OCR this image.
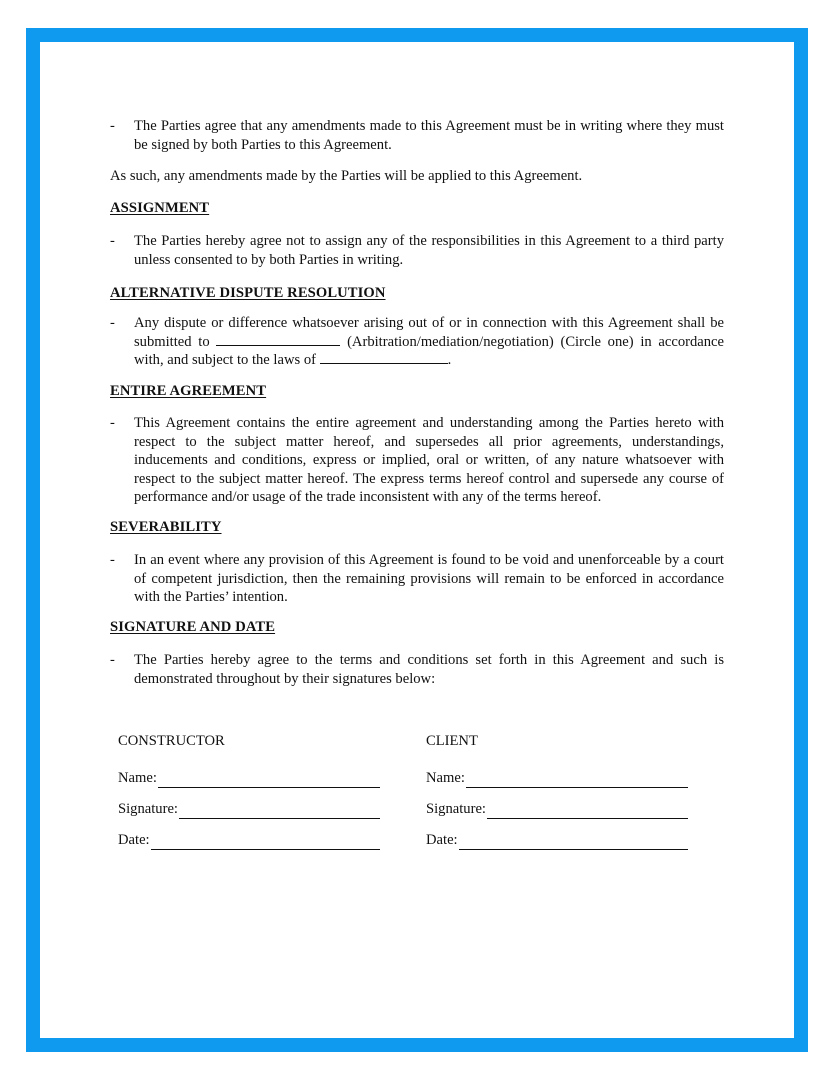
- The Parties agree that any amendments made to this Agreement must be in writing where they must be signed by both Parties to this Agreement.
As such, any amendments made by the Parties will be applied to this Agreement.
ASSIGNMENT
- The Parties hereby agree not to assign any of the responsibilities in this Agreement to a third party unless consented to by both Parties in writing.
ALTERNATIVE DISPUTE RESOLUTION
- Any dispute or difference whatsoever arising out of or in connection with this Agreement shall be submitted to	(Arbitration/mediation/negotiation) (Circle one) in accordance with, and subject to the laws of	.
ENTIRE AGREEMENT
- This Agreement contains the entire agreement and understanding among the Parties hereto with respect to the subject matter hereof, and supersedes all prior agreements, understandings, inducements and conditions, express or implied, oral or written, of any nature whatsoever with respect to the subject matter hereof. The express terms hereof control and supersede any course of performance and/or usage of the trade inconsistent with any of the terms hereof.
SEVERABILITY
- In an event where any provision of this Agreement is found to be void and unenforceable by a court of competent jurisdiction, then the remaining provisions will remain to be enforced in accordance with the Parties’ intention.
SIGNATURE AND DATE
- The Parties hereby agree to the terms and conditions set forth in this Agreement and such is demonstrated throughout by their signatures below:
CONSTRUCTOR
Name:
Signature:
Date:
CLIENT
Name:
Signature:
Date:
